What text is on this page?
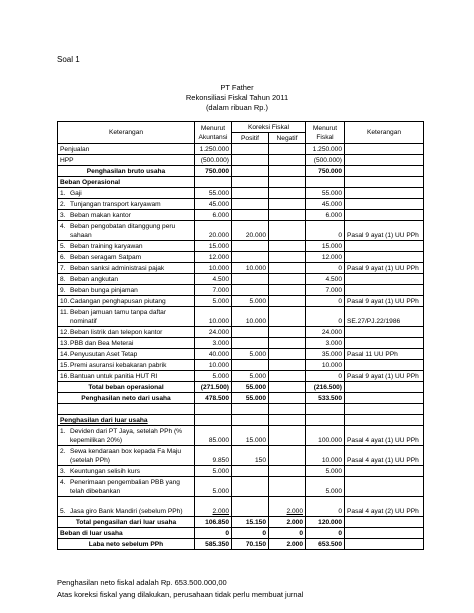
Soal 1
PT Father
Rekonsiliasi Fiskal Tahun 2011
(dalam ribuan Rp.)
Keterangan	Menurut Akuntansi	Koreksi Fiskal		Menurut Fiskal	Keterangan
		Positif	Negatif		
Penjualan	1.250.000			1.250.000	
HPP	(500.000)			(500.000)	
Penghasilan bruto usaha	750.000			750.000	
Beban Operasional					

1. Gaji	55.000			55.000	

2. Tunjangan transport karyawam	45.000			45.000	

3. Beban makan kantor	6.000			6.000	

4. Beban pengobatan ditanggung peru sahaan	20.000	20.000		0	Pasal 9 ayat (1) UU PPh

5. Beban training karyawan	15.000			15.000	

6. Beban seragam Satpam	12.000			12.000	

7. Beban sanksi administrasi pajak	10.000	10.000		0	Pasal 9 ayat (1) UU PPh

8. Beban angkutan	4.500			4.500	

9. Beban bunga pinjaman	7.000			7.000	

10. Cadangan penghapusan piutang	5.000	5.000		0	Pasal 9 ayat (1) UU PPh

11. Beban jamuan tamu tanpa daftar nominatif	10.000	10.000		0	SE.27/PJ.22/1986

12. Beban listrik dan telepon kantor	24.000			24.000	

13. PBB dan Bea Meterai	3.000			3.000	

14. Penyusutan Aset Tetap	40.000	5.000		35.000	Pasal 11 UU PPh

15. Premi asuransi kebakaran pabrik	10.000			10.000	

16. Bantuan untuk panitia HUT RI	5.000	5.000		0	Pasal 9 ayat (1) UU PPh
Total beban operasional	(271.500)	55.000		(216.500)	
Penghasilan neto dari usaha	478.500	55.000		533.500	

Penghasilan dari luar usaha					

1. Deviden dari PT Jaya, setelah PPh (% kepemilikan 20%)	85.000	15.000		100.000	Pasal 4 ayat (1) UU PPh

2. Sewa kendaraan box kepada Fa Maju (setelah PPh)	9.850	150		10.000	Pasal 4 ayat (1) UU PPh

3. Keuntungan selisih kurs	5.000			5.000	

4. Penerimaan pengembalian PBB yang telah dibebankan	5.000			5.000	

5. Jasa giro Bank Mandiri (sebelum PPh)	2.000		2.000	0	Pasal 4 ayat (2) UU PPh
Total pengasilan dari luar usaha	106.850	15.150	2.000	120.000	
Beban di luar usaha	0	0	0	0	
Laba neto sebelum PPh	585.350	70.150	2.000	653.500	
Penghasilan neto fiskal adalah Rp. 653.500.000,00
Atas koreksi fiskal yang dilakukan, perusahaan tidak perlu membuat jurnal
